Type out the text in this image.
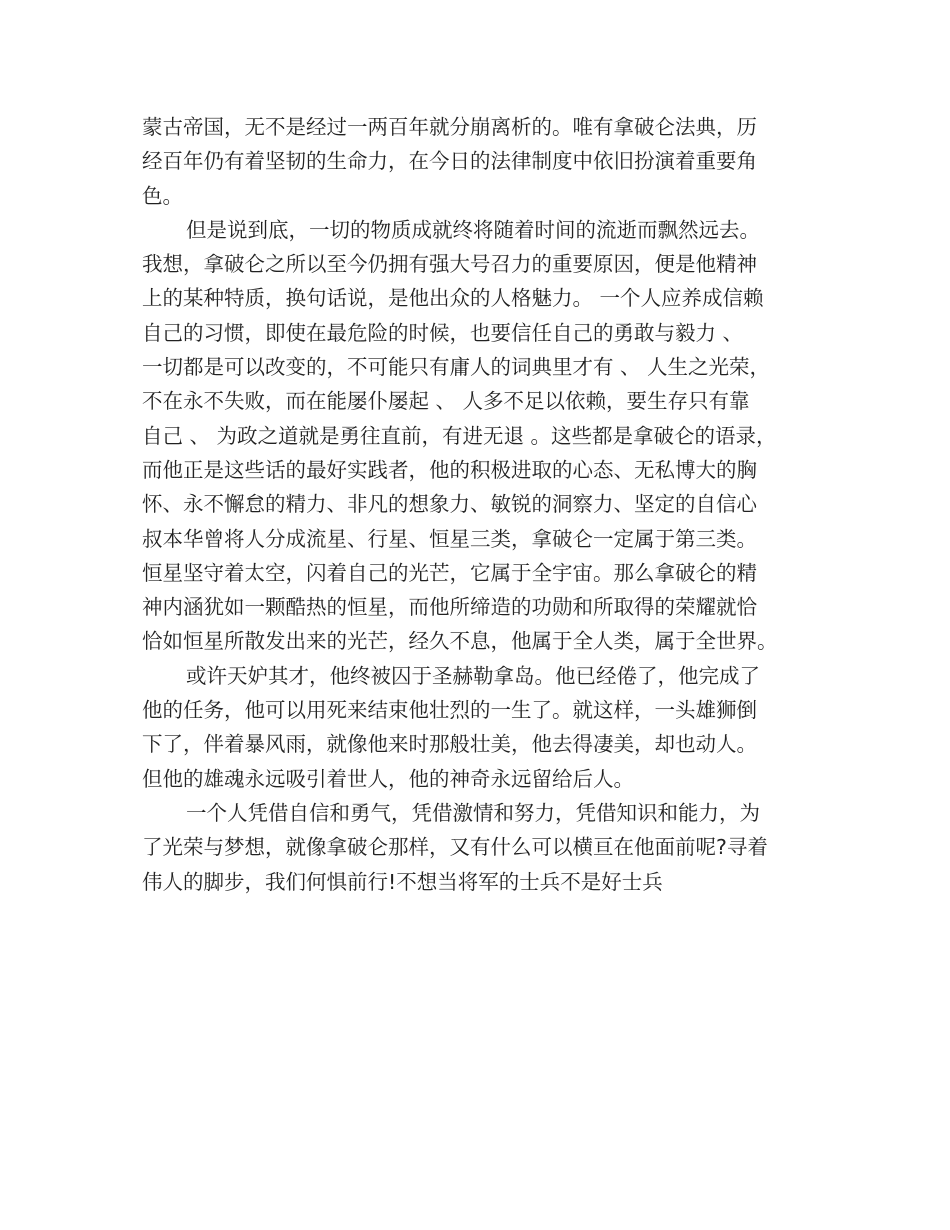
蒙古帝国，无不是经过一两百年就分崩离析的。唯有拿破仑法典，历
经百年仍有着坚韧的生命力，在今日的法律制度中依旧扮演着重要角
色。
但是说到底，一切的物质成就终将随着时间的流逝而飘然远去。
我想，拿破仑之所以至今仍拥有强大号召力的重要原因，便是他精神
上的某种特质，换句话说，是他出众的人格魅力。 一个人应养成信赖
自己的习惯，即使在最危险的时候，也要信任自己的勇敢与毅力 、
一切都是可以改变的，不可能只有庸人的词典里才有 、 人生之光荣，
不在永不失败，而在能屡仆屡起 、 人多不足以依赖，要生存只有靠
自己 、 为政之道就是勇往直前，有进无退 。这些都是拿破仑的语录，
而他正是这些话的最好实践者，他的积极进取的心态、无私博大的胸
怀、永不懈怠的精力、非凡的想象力、敏锐的洞察力、坚定的自信心
叔本华曾将人分成流星、行星、恒星三类，拿破仑一定属于第三类。
恒星坚守着太空，闪着自己的光芒，它属于全宇宙。那么拿破仑的精
神内涵犹如一颗酷热的恒星，而他所缔造的功勋和所取得的荣耀就恰
恰如恒星所散发出来的光芒，经久不息，他属于全人类，属于全世界。
或许天妒其才，他终被囚于圣赫勒拿岛。他已经倦了，他完成了
他的任务，他可以用死来结束他壮烈的一生了。就这样，一头雄狮倒
下了，伴着暴风雨，就像他来时那般壮美，他去得凄美，却也动人。
但他的雄魂永远吸引着世人，他的神奇永远留给后人。
一个人凭借自信和勇气，凭借激情和努力，凭借知识和能力，为
了光荣与梦想，就像拿破仑那样，又有什么可以横亘在他面前呢?寻着
伟人的脚步，我们何惧前行!不想当将军的士兵不是好士兵
